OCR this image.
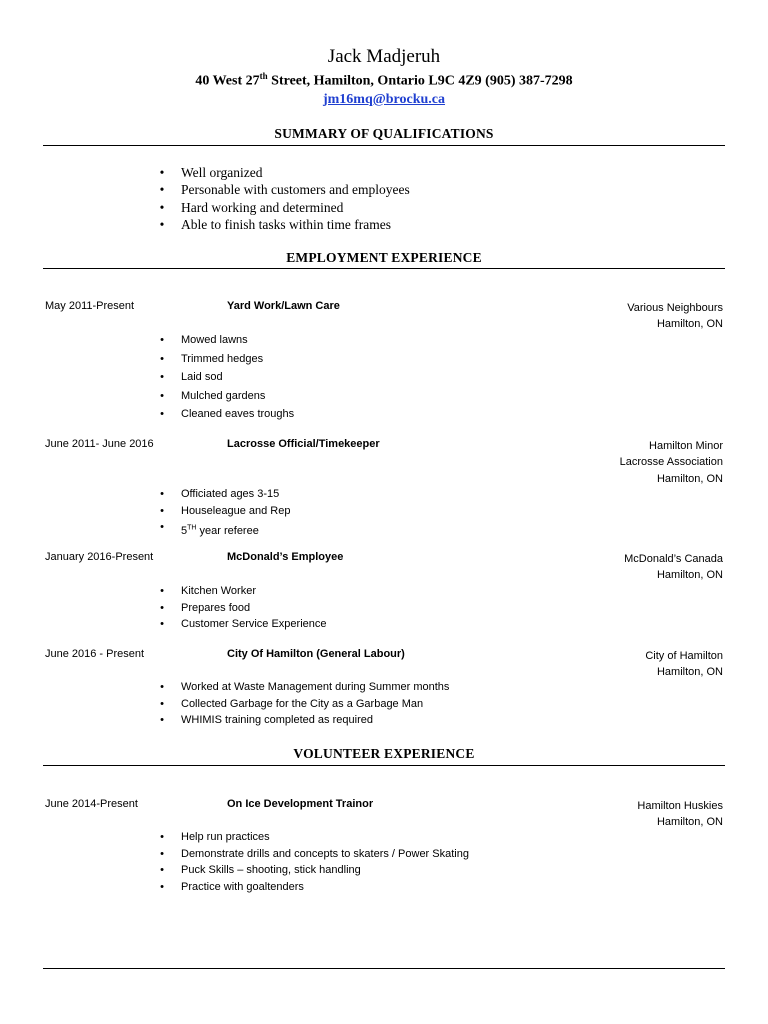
Jack Madjeruh
40 West 27th Street, Hamilton, Ontario L9C 4Z9 (905) 387-7298
jm16mq@brocku.ca
SUMMARY OF QUALIFICATIONS
• Well organized
• Personable with customers and employees
• Hard working and determined
• Able to finish tasks within time frames
EMPLOYMENT EXPERIENCE
May 2011-Present	Yard Work/Lawn Care	Various Neighbours
Hamilton, ON
• Mowed lawns
• Trimmed hedges
• Laid sod
• Mulched gardens
• Cleaned eaves troughs
June 2011- June 2016	Lacrosse Official/Timekeeper	Hamilton Minor
Lacrosse Association
Hamilton, ON
• Officiated ages 3-15
• Houseleague and Rep
• 5TH year referee
January 2016-Present	McDonald’s Employee	McDonald’s Canada
Hamilton, ON
• Kitchen Worker
• Prepares food
• Customer Service Experience
June 2016 - Present	City Of Hamilton (General Labour)	City of Hamilton
Hamilton, ON
• Worked at Waste Management during Summer months
• Collected Garbage for the City as a Garbage Man
• WHIMIS training completed as required
VOLUNTEER EXPERIENCE
June 2014-Present	On Ice Development Trainor	Hamilton Huskies
Hamilton, ON
• Help run practices
• Demonstrate drills and concepts to skaters / Power Skating
• Puck Skills – shooting, stick handling
• Practice with goaltenders
